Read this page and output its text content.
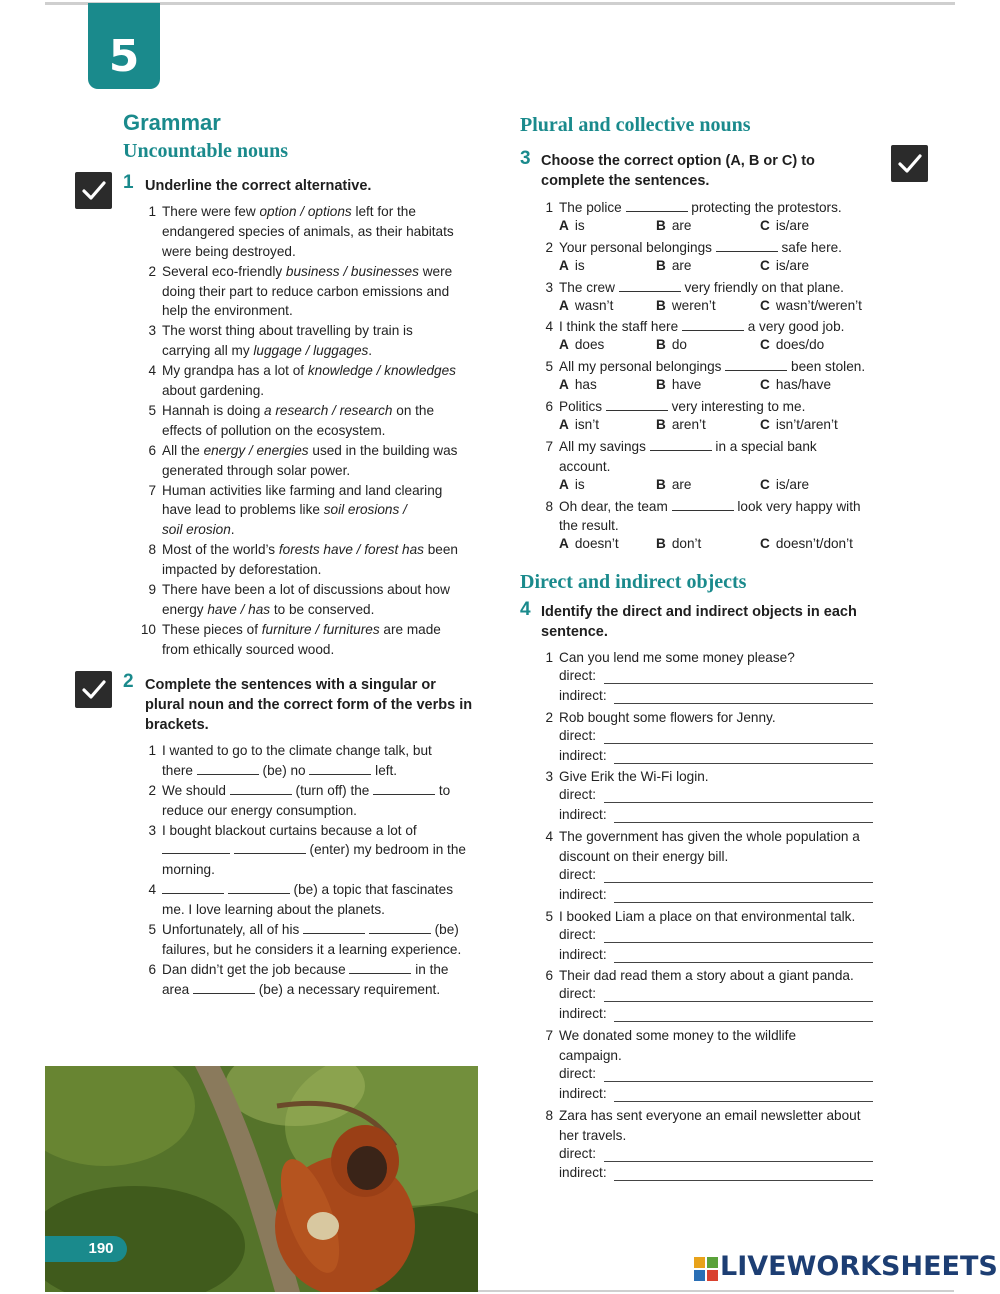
5
Grammar
Uncountable nouns
1 Underline the correct alternative.
1 There were few option / options left for the
endangered species of animals, as their habitats
were being destroyed.
2 Several eco-friendly business / businesses were
doing their part to reduce carbon emissions and
help the environment.
3 The worst thing about travelling by train is
carrying all my luggage / luggages.
4 My grandpa has a lot of knowledge / knowledges
about gardening.
5 Hannah is doing a research / research on the
effects of pollution on the ecosystem.
6 All the energy / energies used in the building was
generated through solar power.
7 Human activities like farming and land clearing
have lead to problems like soil erosions /
soil erosion.
8 Most of the world’s forests have / forest has been
impacted by deforestation.
9 There have been a lot of discussions about how
energy have / has to be conserved.
10 These pieces of furniture / furnitures are made
from ethically sourced wood.
2 Complete the sentences with a singular or
plural noun and the correct form of the verbs in
brackets.
1 I wanted to go to the climate change talk, but
there	(be) no	left.
2 We should	(turn off) the	to
reduce our energy consumption.
3 I bought blackout curtains because a lot of
(enter) my bedroom in the
morning.
4	(be) a topic that fascinates
me. I love learning about the planets.
5 Unfortunately, all of his	(be)
failures, but he considers it a learning experience.
6 Dan didn’t get the job because	in the
area	(be) a necessary requirement.
190
Plural and collective nouns
3 Choose the correct option (A, B or C) to
complete the sentences.
1 The police	protecting the protestors.
A is	B are	C is/are
2 Your personal belongings	safe here.
A is	B are	C is/are
3 The crew	very friendly on that plane.
A wasn’t	B weren’t	C wasn’t/weren’t
4 I think the staff here	a very good job.
A does	B do	C does/do
5 All my personal belongings	been stolen.
A has	B have	C has/have
6 Politics	very interesting to me.
A isn’t	B aren’t	C isn’t/aren’t
7 All my savings	in a special bank
account.
A is	B are	C is/are
8 Oh dear, the team	look very happy with
the result.
A doesn’t	B don’t	C doesn’t/don’t
Direct and indirect objects
4 Identify the direct and indirect objects in each
sentence.
1 Can you lend me some money please?
direct:
indirect:
2 Rob bought some flowers for Jenny.
direct:
indirect:
3 Give Erik the Wi-Fi login.
direct:
indirect:
4 The government has given the whole population a
discount on their energy bill.
direct:
indirect:
5 I booked Liam a place on that environmental talk.
direct:
indirect:
6 Their dad read them a story about a giant panda.
direct:
indirect:
7 We donated some money to the wildlife
campaign.
direct:
indirect:
8 Zara has sent everyone an email newsletter about
her travels.
direct:
indirect:
LIVEWORKSHEETS
